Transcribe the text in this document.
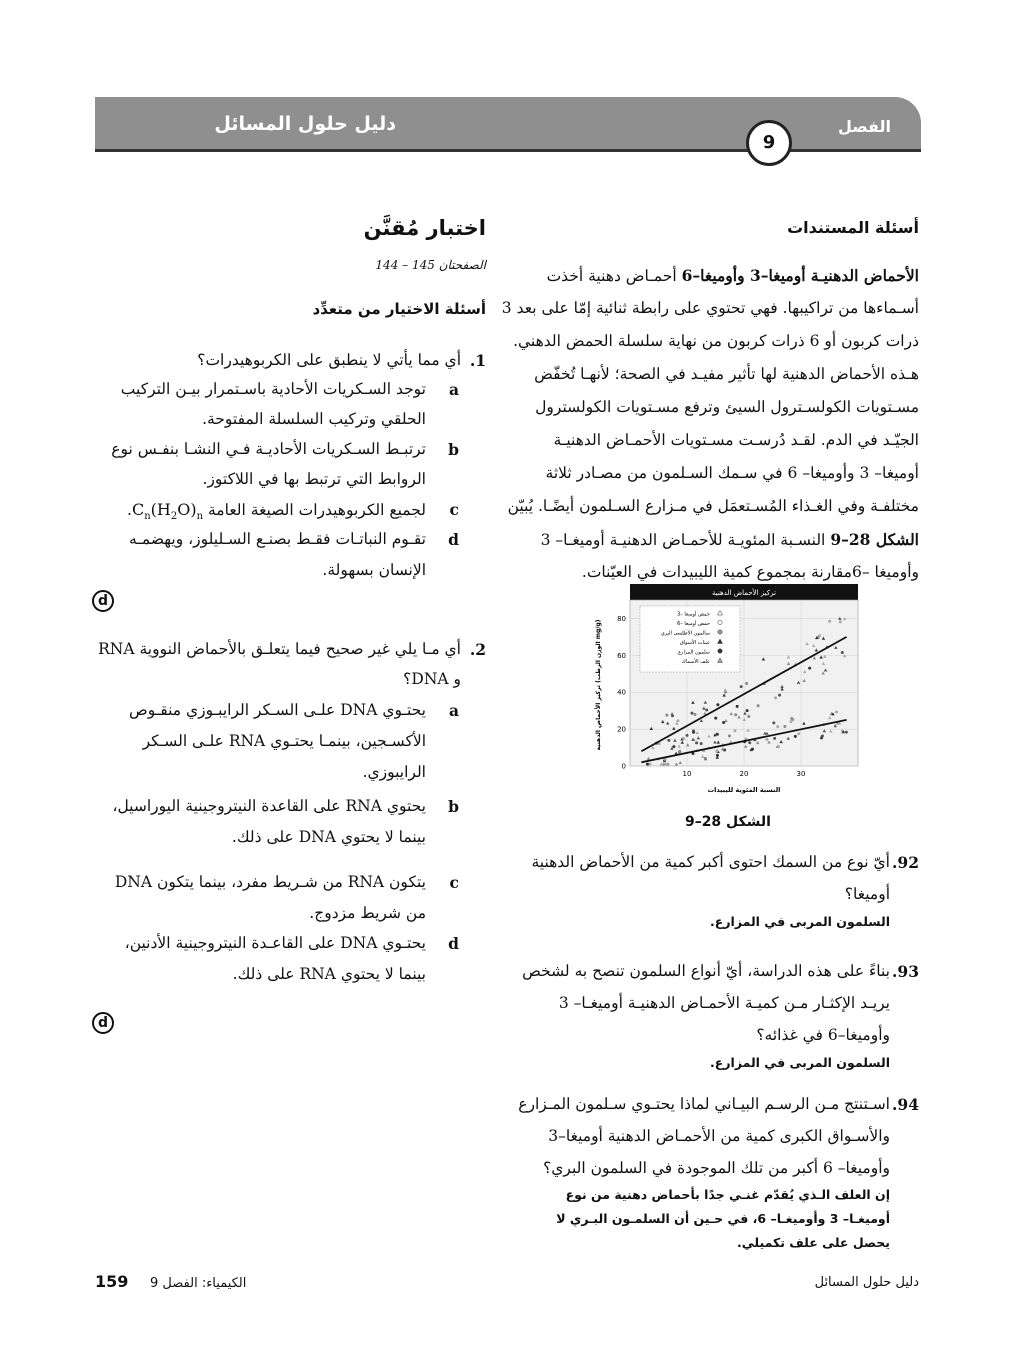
دليل حلول المسائل	الفصل
9
أسئلة المستندات
الأحماض الدهنيـة أوميغا–3 وأوميغا–6 أحمـاض دهنية أخذت
أسـماءها من تراكيبها. فهي تحتوي على رابطة ثنائية إمّا على بعد 3
ذرات كربون أو 6 ذرات كربون من نهاية سلسلة الحمض الدهني.
هـذه الأحماض الدهنية لها تأثير مفيـد في الصحة؛ لأنهـا تُخفّض
مسـتويات الكولسـترول السيئ وترفع مسـتويات الكولسترول
الجيّـد في الدم. لقـد دُرسـت مسـتويات الأحمـاض الدهنيـة
أوميغا– 3 وأوميغا– 6 في سـمك السـلمون من مصـادر ثلاثة
مختلفـة وفي الغـذاء المُسـتعمَل في مـزارع السـلمون أيضًـا. يُبيّن
الشكل 28–9 النسـبة المئويـة للأحمـاض الدهنيـة أوميغـا– 3
وأوميغا –6مقارنة بمجموع كمية الليبيدات في العيّنات.
تركيز الأحماض الدهنية
0
20
40
60
80
10	20	30
حمض أوميغا –3
حمض أوميغا –6
سالمون الأطلسي البري
عينات الأسواق
سلمون المزارع
علف الأسماك
النسبة المئوية لليبيدات
تركيز الأحماض الدهنية (الوزن الرطب mg/g)
الشكل 28–9
.92
أيّ نوع من السمك احتوى أكبر كمية من الأحماض الدهنية
أوميغا؟
السلمون المربى في المزارع.
.93
بناءً على هذه الدراسة، أيّ أنواع السلمون تنصح به لشخص
يريـد الإكثـار مـن كميـة الأحمـاض الدهنيـة أوميغـا– 3
وأوميغا–6 في غذائه؟
السلمون المربى في المزارع.
.94
اسـتنتج مـن الرسـم البيـاني لماذا يحتـوي سـلمون المـزارع
والأسـواق الكبرى كمية من الأحمـاض الدهنية أوميغا–3
وأوميغا– 6 أكبر من تلك الموجودة في السلمون البري؟
إن العلف الـذي يُقدّم غنـي جدًا بأحماض دهنية من نوع
أوميغـا– 3 وأوميغـا– 6، في حـين أن السلمـون البـري لا
يحصل على علف تكميلي.
اختبار مُقنَّن
الصفحتان 145 – 144
أسئلة الاختيار من متعدِّد
.1
أي مما يأتي لا ينطبق على الكربوهيدرات؟
a
توجد السـكريات الأحادية باسـتمرار بيـن التركيب
الحلقي وتركيب السلسلة المفتوحة.
b
ترتبـط السـكريات الأحاديـة فـي النشـا بنفـس نوع
الروابط التي ترتبط بها في اللاكتوز.
c
لجميع الكربوهيدرات الصيغة العامة $C_n(H_2O)_n$.
d
تقـوم النباتـات فقـط بصنـع السـليلوز، ويهضمـه
الإنسان بسهولة.
d
.2
أي مـا يلي غير صحيح فيما يتعلـق بالأحماض النووية RNA
و DNA؟
a
يحتـوي DNA علـى السـكر الرايبـوزي منقـوص
الأكسـجين، بينمـا يحتـوي RNA علـى السـكر
الرايبوزي.
b
يحتوي RNA على القاعدة النيتروجينية اليوراسيل،
بينما لا يحتوي DNA على ذلك.
c
يتكون RNA من شـريط مفرد، بينما يتكون DNA
من شريط مزدوج.
d
يحتـوي DNA على القاعـدة النيتروجينية الأدنين،
بينما لا يحتوي RNA على ذلك.
d
دليل حلول المسائل
الكيمياء: الفصل 9
159
